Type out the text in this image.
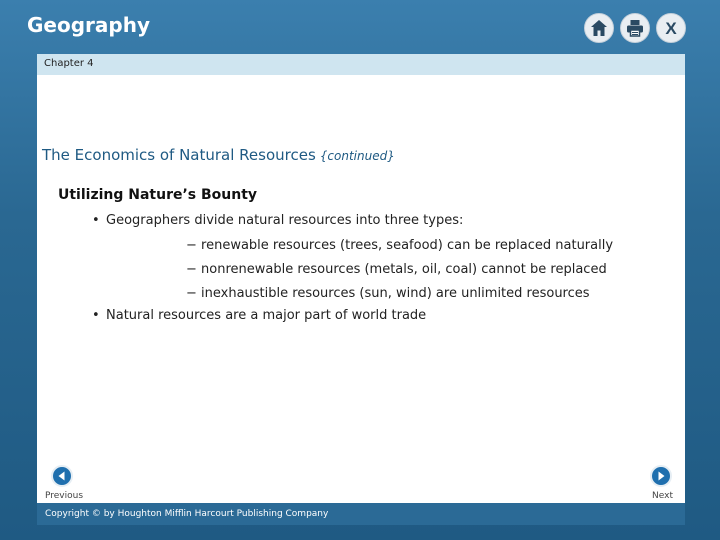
Geography	X
Chapter 4
The Economics of Natural Resources {continued}
Utilizing Nature’s Bounty
• Geographers divide natural resources into three types:
− renewable resources (trees, seafood) can be replaced naturally
− nonrenewable resources (metals, oil, coal) cannot be replaced
− inexhaustible resources (sun, wind) are unlimited resources
• Natural resources are a major part of world trade
Previous	Next
Copyright © by Houghton Mifflin Harcourt Publishing Company
